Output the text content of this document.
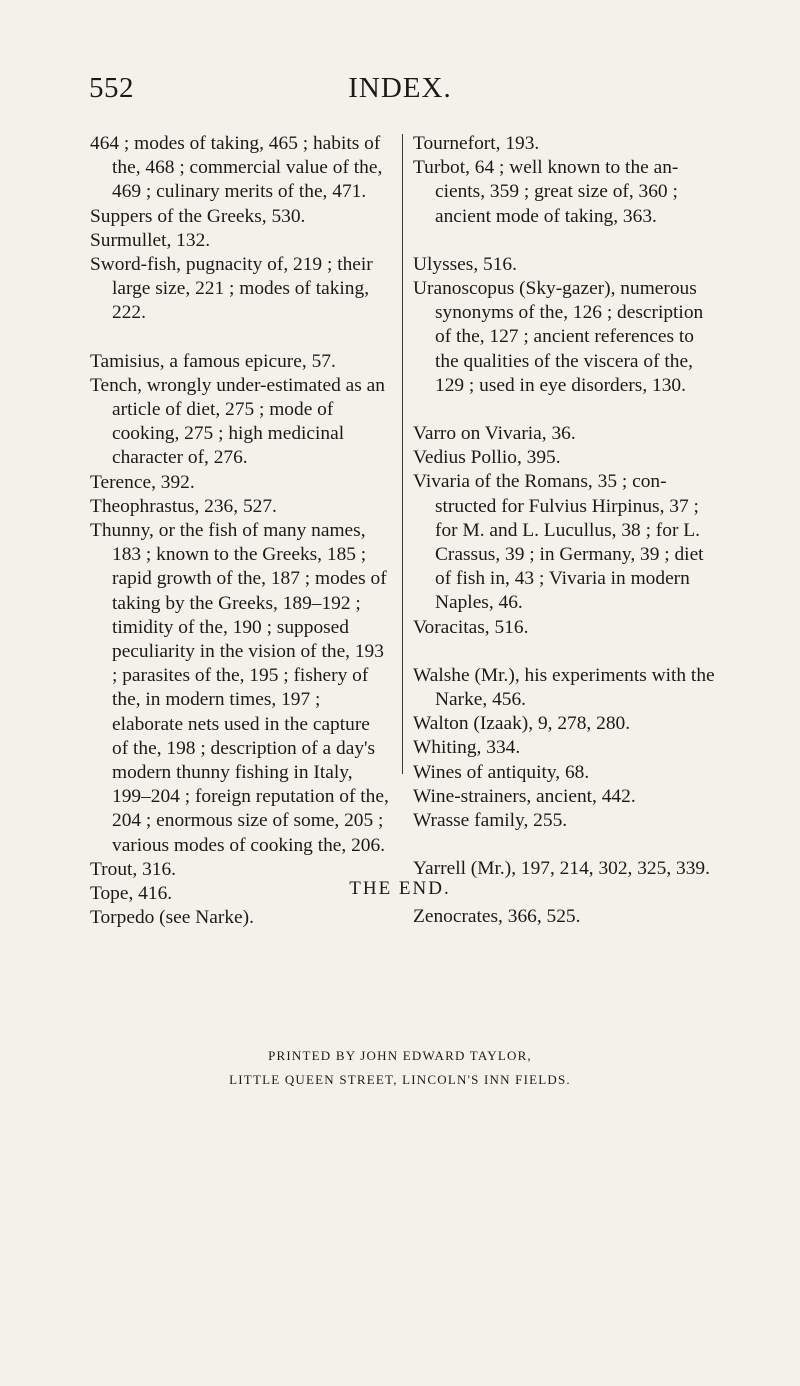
552	INDEX.

464 ; modes of taking, 465 ; habits of the, 468 ; commercial value of the, 469 ; culinary merits of the, 471.

Suppers of the Greeks, 530.

Surmullet, 132.

Sword-fish, pugnacity of, 219 ; their large size, 221 ; modes of taking, 222.

Tamisius, a famous epicure, 57.

Tench, wrongly under-estimated as an article of diet, 275 ; mode of cooking, 275 ; high medicinal character of, 276.

Terence, 392.

Theophrastus, 236, 527.

Thunny, or the fish of many names, 183 ; known to the Greeks, 185 ; rapid growth of the, 187 ; modes of taking by the Greeks, 189–192 ; timidity of the, 190 ; supposed peculiarity in the vision of the, 193 ; parasites of the, 195 ; fishery of the, in modern times, 197 ; elaborate nets used in the capture of the, 198 ; description of a day's modern thunny fishing in Italy, 199–204 ; foreign reputation of the, 204 ; enormous size of some, 205 ; various modes of cooking the, 206.

Trout, 316.

Tope, 416.

Torpedo (see Narke).

Tournefort, 193.

Turbot, 64 ; well known to the ancients, 359 ; great size of, 360 ; ancient mode of taking, 363.

Ulysses, 516.

Uranoscopus (Sky-gazer), numerous synonyms of the, 126 ; description of the, 127 ; ancient references to the qualities of the viscera of the, 129 ; used in eye disorders, 130.

Varro on Vivaria, 36.

Vedius Pollio, 395.

Vivaria of the Romans, 35 ; constructed for Fulvius Hirpinus, 37 ; for M. and L. Lucullus, 38 ; for L. Crassus, 39 ; in Germany, 39 ; diet of fish in, 43 ; Vivaria in modern Naples, 46.

Voracitas, 516.

Walshe (Mr.), his experiments with the Narke, 456.

Walton (Izaak), 9, 278, 280.

Whiting, 334.

Wines of antiquity, 68.

Wine-strainers, ancient, 442.

Wrasse family, 255.

Yarrell (Mr.), 197, 214, 302, 325, 339.

Zenocrates, 366, 525.

THE END.
PRINTED BY JOHN EDWARD TAYLOR,
LITTLE QUEEN STREET, LINCOLN'S INN FIELDS.
